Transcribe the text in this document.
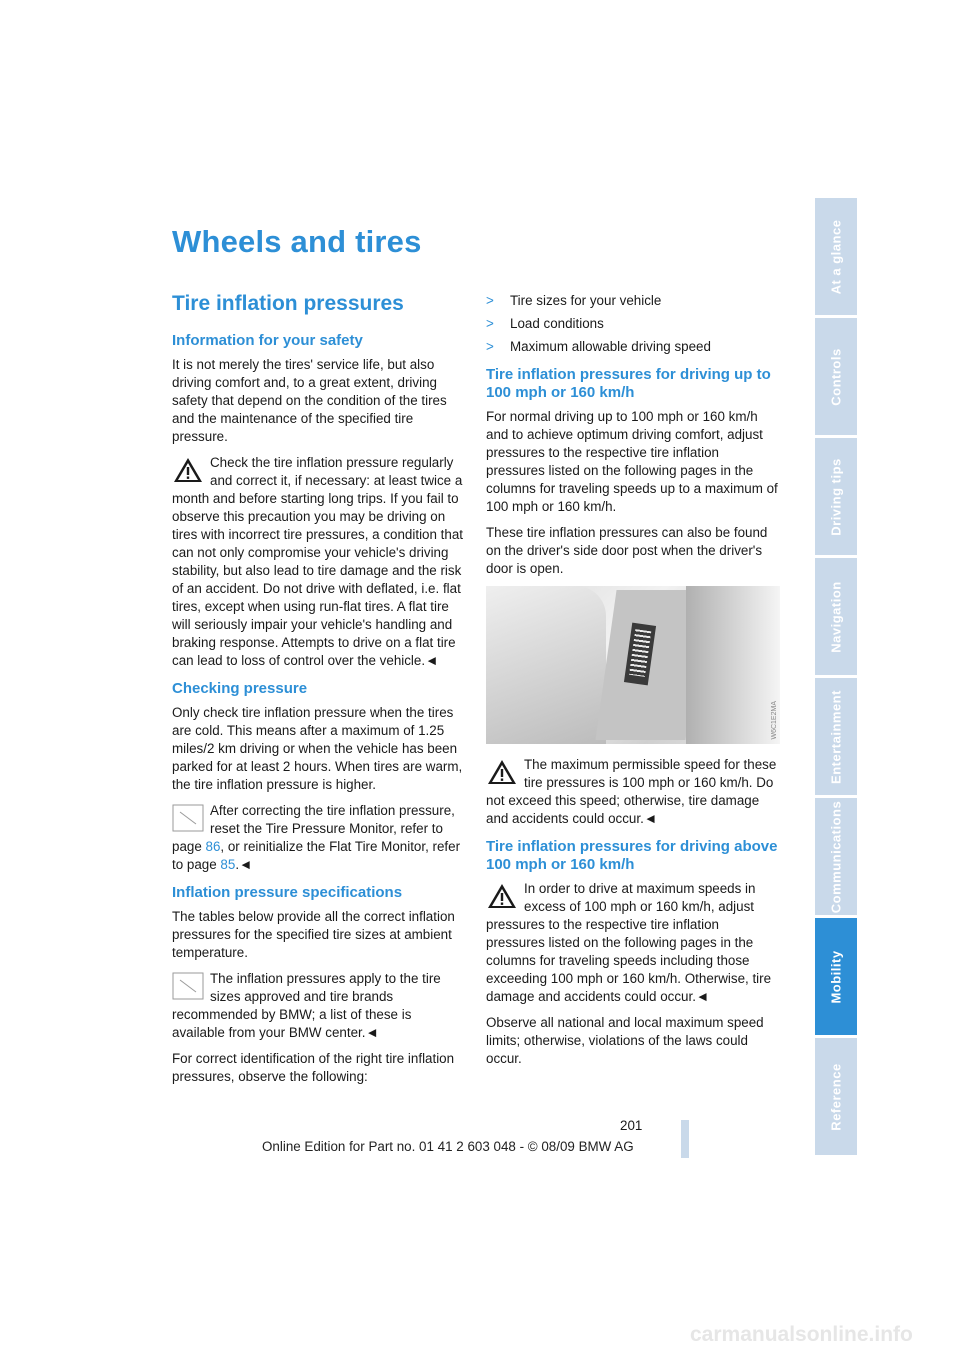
Wheels and tires
Tire inflation pressures
Information for your safety

It is not merely the tires' service life, but also driving comfort and, to a great extent, driving safety that depend on the condition of the tires and the maintenance of the specified tire pressure.

Check the tire inflation pressure regularly and correct it, if necessary: at least twice a month and before starting long trips. If you fail to observe this precaution you may be driving on tires with incorrect tire pressures, a condition that can not only compromise your vehicle's driving stability, but also lead to tire damage and the risk of an accident. Do not drive with deflated, i.e. flat tires, except when using run-flat tires. A flat tire will seriously impair your vehicle's handling and braking response. Attempts to drive on a flat tire can lead to loss of control over the vehicle.◄

Checking pressure

Only check tire inflation pressure when the tires are cold. This means after a maximum of 1.25 miles/2 km driving or when the vehicle has been parked for at least 2 hours. When tires are warm, the tire inflation pressure is higher.

After correcting the tire inflation pressure, reset the Tire Pressure Monitor, refer to page 86, or reinitialize the Flat Tire Monitor, refer to page 85.◄

Inflation pressure specifications

The tables below provide all the correct inflation pressures for the specified tire sizes at ambient temperature.

The inflation pressures apply to the tire sizes approved and tire brands recommended by BMW; a list of these is available from your BMW center.◄

For correct identification of the right tire inflation pressures, observe the following:

> Tire sizes for your vehicle
> Load conditions
> Maximum allowable driving speed
Tire inflation pressures for driving up to 100 mph or 160 km/h

For normal driving up to 100 mph or 160 km/h and to achieve optimum driving comfort, adjust pressures to the respective tire inflation pressures listed on the following pages in the columns for traveling speeds up to a maximum of 100 mph or 160 km/h.

These tire inflation pressures can also be found on the driver's side door post when the driver's door is open.

W6C1E2MA

The maximum permissible speed for these tire pressures is 100 mph or 160 km/h. Do not exceed this speed; otherwise, tire damage and accidents could occur.◄

Tire inflation pressures for driving above 100 mph or 160 km/h

In order to drive at maximum speeds in excess of 100 mph or 160 km/h, adjust pressures to the respective tire inflation pressures listed on the following pages in the columns for traveling speeds including those exceeding 100 mph or 160 km/h. Otherwise, tire damage and accidents could occur.◄

Observe all national and local maximum speed limits; otherwise, violations of the laws could occur.

At a glance
Controls
Driving tips
Navigation
Entertainment
Communications
Mobility
Reference
201
Online Edition for Part no. 01 41 2 603 048 - © 08/09 BMW AG
carmanualsonline.info
